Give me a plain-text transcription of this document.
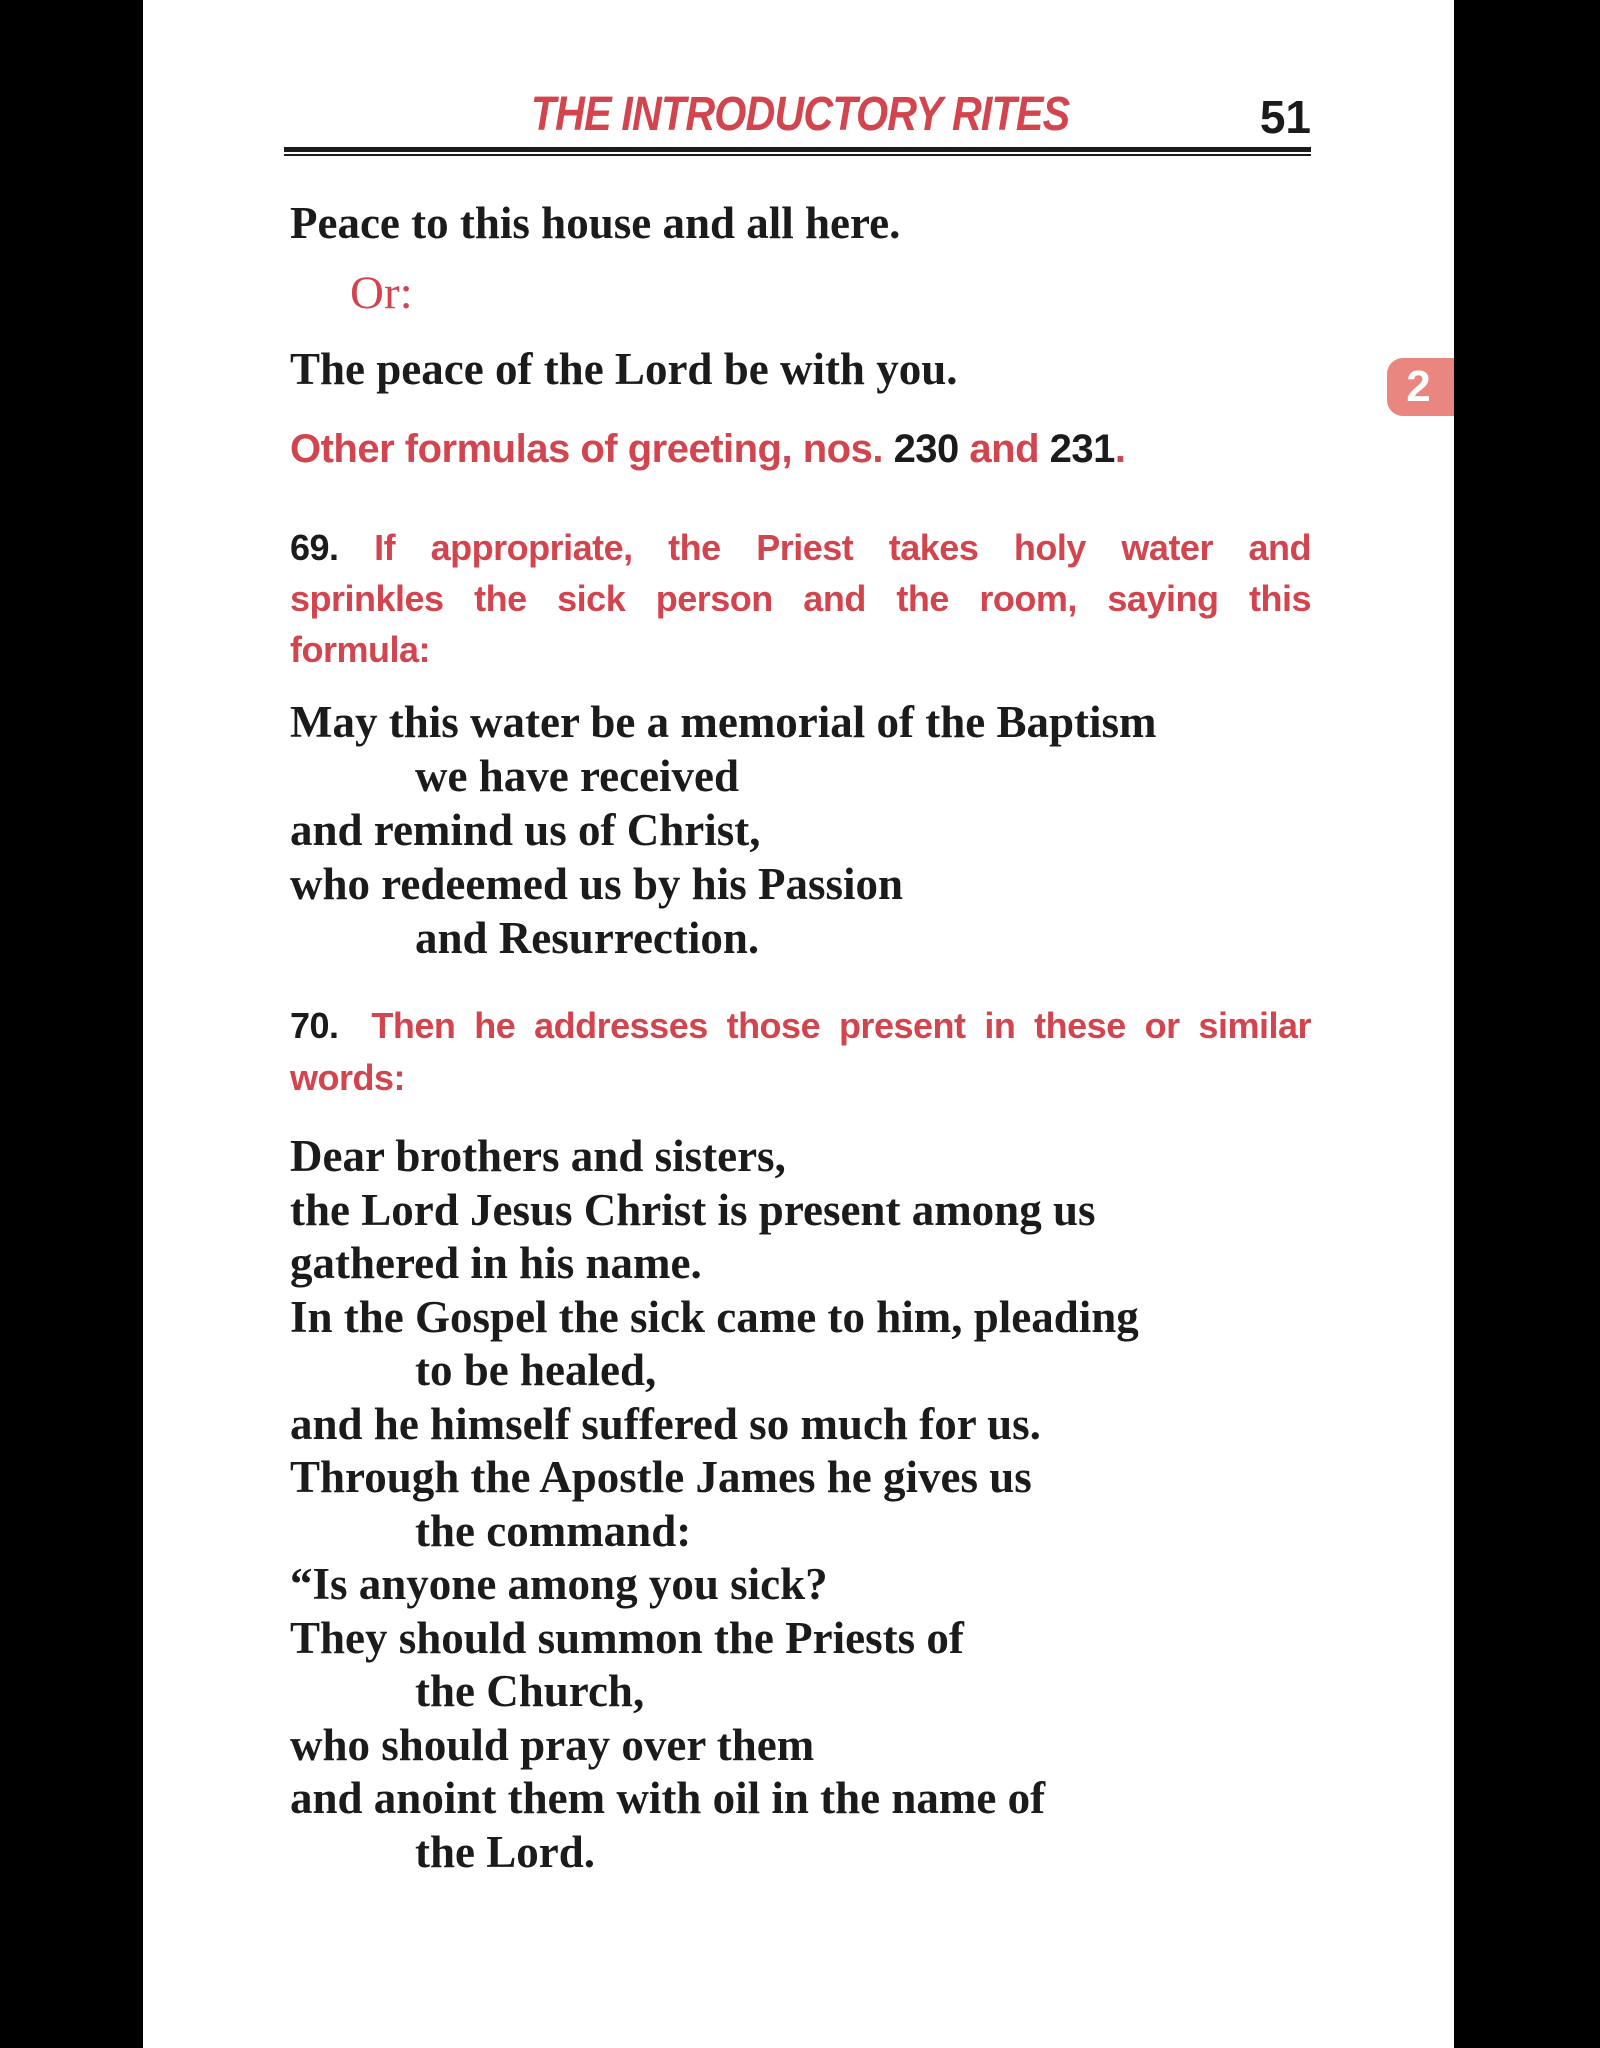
THE INTRODUCTORY RITES	51
Peace to this house and all here.
Or:
The peace of the Lord be with you.
Other formulas of greeting, nos. 230 and 231.
69. If appropriate, the Priest takes holy water and
sprinkles the sick person and the room, saying this
formula:
May this water be a memorial of the Baptism
we have received
and remind us of Christ,
who redeemed us by his Passion
and Resurrection.
70. Then he addresses those present in these or similar
words:
Dear brothers and sisters,
the Lord Jesus Christ is present among us
gathered in his name.
In the Gospel the sick came to him, pleading
to be healed,
and he himself suffered so much for us.
Through the Apostle James he gives us
the command:
“Is anyone among you sick?
They should summon the Priests of
the Church,
who should pray over them
and anoint them with oil in the name of
the Lord.
2
